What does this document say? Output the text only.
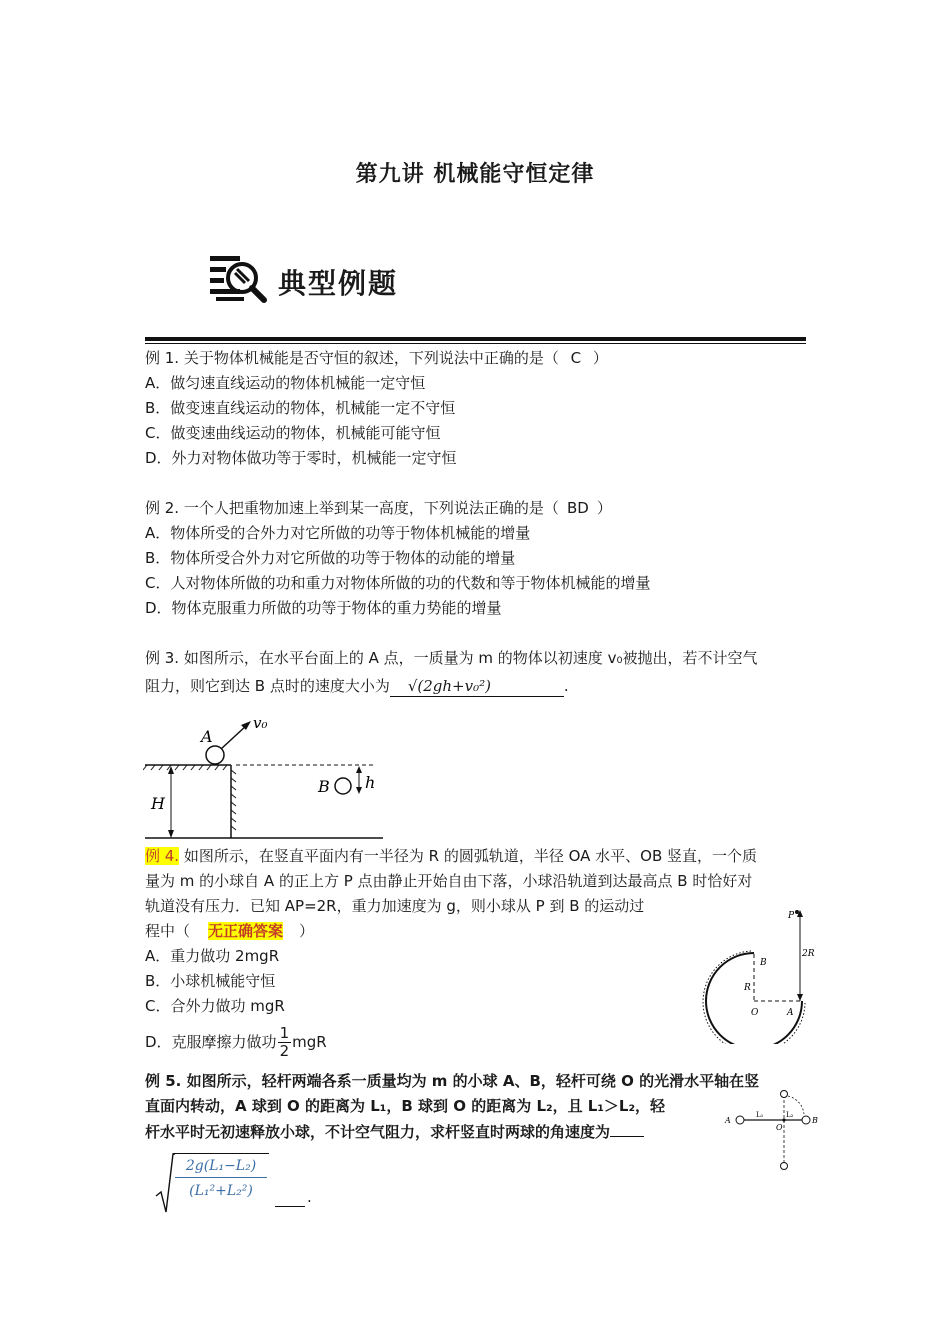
第九讲 机械能守恒定律
典型例题
例 1. 关于物体机械能是否守恒的叙述，下列说法中正确的是（ C ）
A．做匀速直线运动的物体机械能一定守恒
B．做变速直线运动的物体，机械能一定不守恒
C．做变速曲线运动的物体，机械能可能守恒
D．外力对物体做功等于零时，机械能一定守恒
例 2. 一个人把重物加速上举到某一高度，下列说法正确的是（ BD ）
A．物体所受的合外力对它所做的功等于物体机械能的增量
B．物体所受合外力对它所做的功等于物体的动能的增量
C．人对物体所做的功和重力对物体所做的功的代数和等于物体机械能的增量
D．物体克服重力所做的功等于物体的重力势能的增量
例 3. 如图所示，在水平台面上的 A 点，一质量为 m 的物体以初速度 v₀被抛出，若不计空气
阻力，则它到达 B 点时的速度大小为 √(2gh+v₀²)	.
A
v₀
B h
H
例 4. 如图所示，在竖直平面内有一半径为 R 的圆弧轨道，半径 OA 水平、OB 竖直，一个质
量为 m 的小球自 A 的正上方 P 点由静止开始自由下落，小球沿轨道到达最高点 B 时恰好对
轨道没有压力．已知 AP=2R，重力加速度为 g，则小球从 P 到 B 的运动过
程中（ 无正确答案 ）
A．重力做功 2mgR
B．小球机械能守恒
C．合外力做功 mgR
D．克服摩擦力做功 $\frac{1}{2}$ mgR
P
2R
B
R
O	A
例 5. 如图所示，轻杆两端各系一质量均为 m 的小球 A、B，轻杆可绕 O 的光滑水平轴在竖
直面内转动，A 球到 O 的距离为 L₁，B 球到 O 的距离为 L₂，且 L₁＞L₂，轻
杆水平时无初速释放小球，不计空气阻力，求杆竖直时两球的角速度为
$\frac{\text{2g(L₁−L₂)}}{\text{(L₁²+L₂²)}}$	.
A
L₁	L₂
O
B
